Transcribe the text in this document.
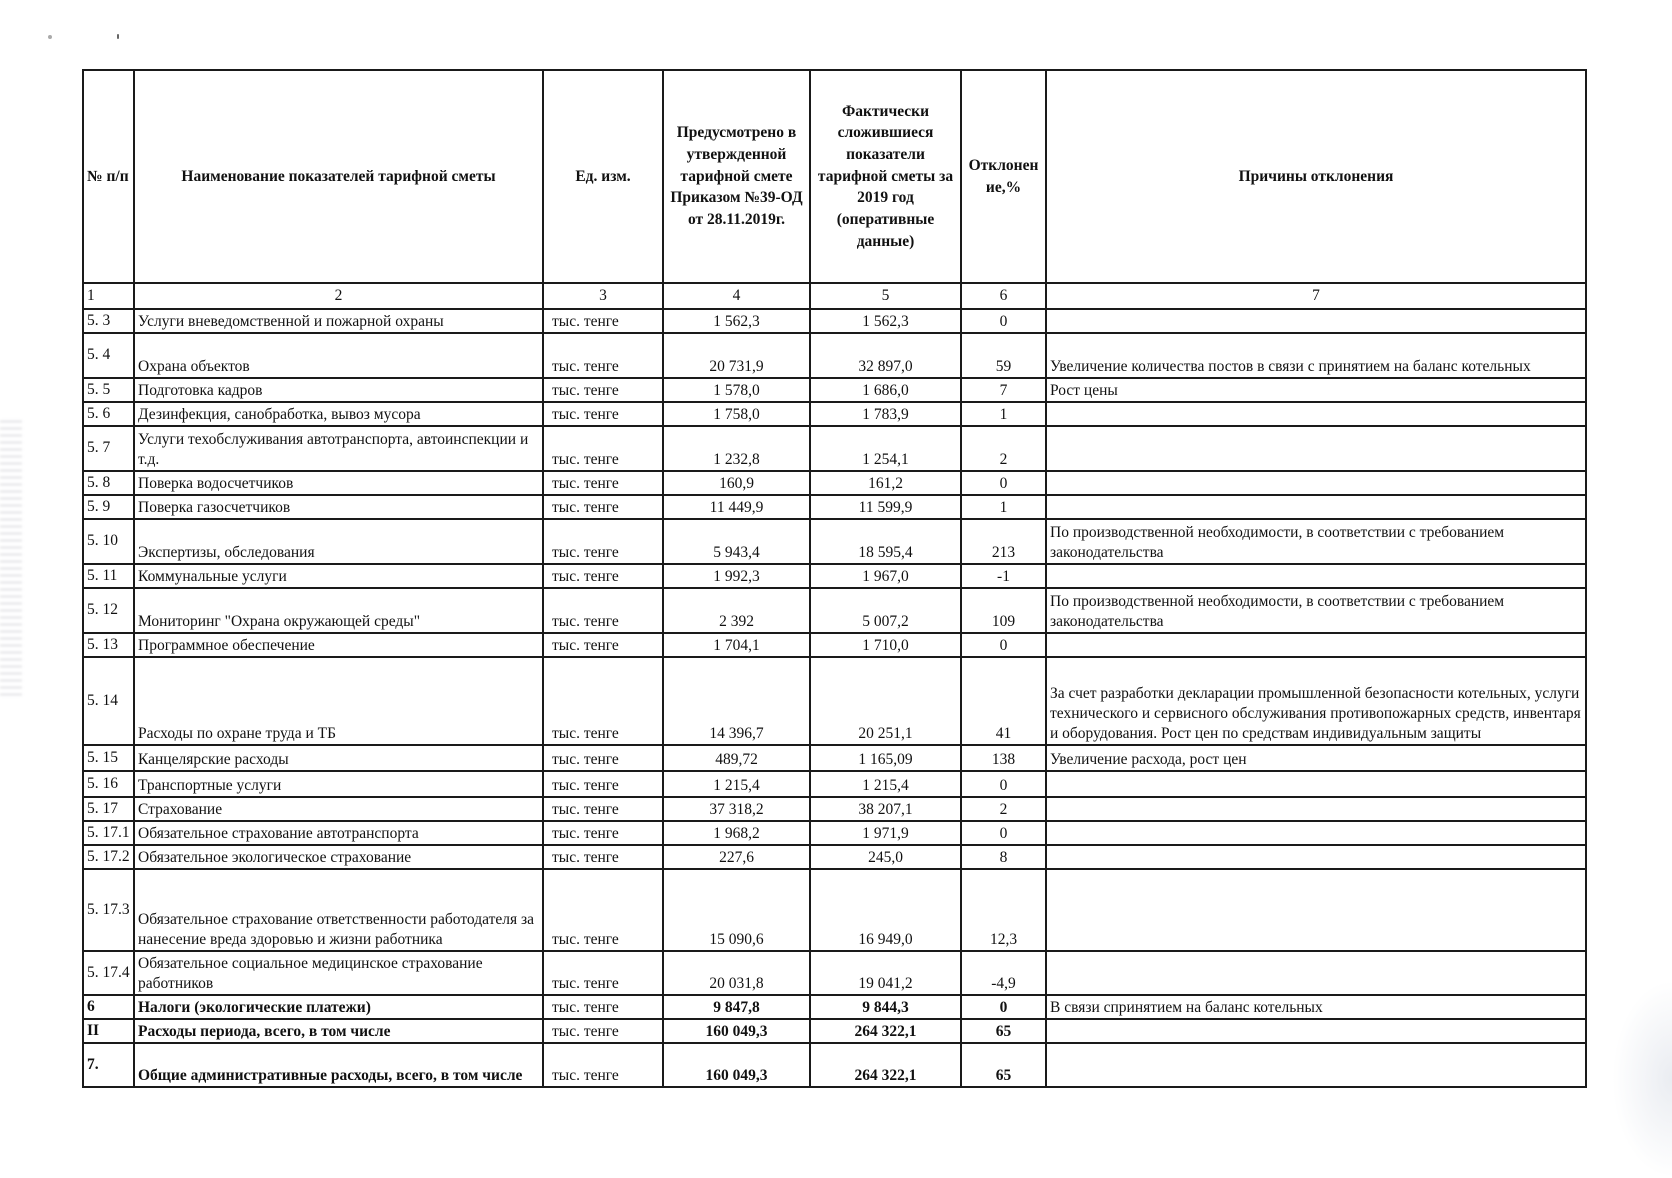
№ п/п	Наименование показателей тарифной сметы	Ед. изм.	Предусмотрено в утвержденной тарифной смете Приказом №39-ОД от 28.11.2019г.	Фактически сложившиеся показатели тарифной сметы за 2019 год (оперативные данные)	Отклонен ие,%	Причины отклонения
1	2	3	4	5	6	7
5. 3	Услуги вневедомственной и пожарной охраны	тыс. тенге	1 562,3	1 562,3	0	
5. 4	Охрана объектов	тыс. тенге	20 731,9	32 897,0	59	Увеличение количества постов в связи с принятием на баланс котельных
5. 5	Подготовка кадров	тыс. тенге	1 578,0	1 686,0	7	Рост цены
5. 6	Дезинфекция, санобработка, вывоз мусора	тыс. тенге	1 758,0	1 783,9	1	
5. 7	Услуги техобслуживания автотранспорта, автоинспекции и т.д.	тыс. тенге	1 232,8	1 254,1	2	
5. 8	Поверка водосчетчиков	тыс. тенге	160,9	161,2	0	
5. 9	Поверка газосчетчиков	тыс. тенге	11 449,9	11 599,9	1	
5. 10	Экспертизы, обследования	тыс. тенге	5 943,4	18 595,4	213	По производственной необходимости, в соответствии с требованием законодательства
5. 11	Коммунальные услуги	тыс. тенге	1 992,3	1 967,0	-1	
5. 12	Мониторинг "Охрана окружающей среды"	тыс. тенге	2 392	5 007,2	109	По производственной необходимости, в соответствии с требованием законодательства
5. 13	Программное обеспечение	тыс. тенге	1 704,1	1 710,0	0	
5. 14	Расходы по охране труда и ТБ	тыс. тенге	14 396,7	20 251,1	41	За счет разработки декларации промышленной безопасности котельных, услуги технического и сервисного обслуживания противопожарных средств, инвентаря и оборудования. Рост цен по средствам индивидуальным защиты
5. 15	Канцелярские расходы	тыс. тенге	489,72	1 165,09	138	Увеличение расхода, рост цен
5. 16	Транспортные услуги	тыс. тенге	1 215,4	1 215,4	0	
5. 17	Страхование	тыс. тенге	37 318,2	38 207,1	2	
5. 17.1	Обязательное страхование автотранспорта	тыс. тенге	1 968,2	1 971,9	0	
5. 17.2	Обязательное экологическое страхование	тыс. тенге	227,6	245,0	8	
5. 17.3	Обязательное страхование ответственности работодателя за нанесение вреда здоровью и жизни работника	тыс. тенге	15 090,6	16 949,0	12,3	
5. 17.4	Обязательное социальное медицинское страхование работников	тыс. тенге	20 031,8	19 041,2	-4,9	
6	Налоги (экологические платежи)	тыс. тенге	9 847,8	9 844,3	0	В связи спринятием на баланс котельных
II	Расходы периода, всего, в том числе	тыс. тенге	160 049,3	264 322,1	65	
7.	Общие административные расходы, всего, в том числе	тыс. тенге	160 049,3	264 322,1	65	
